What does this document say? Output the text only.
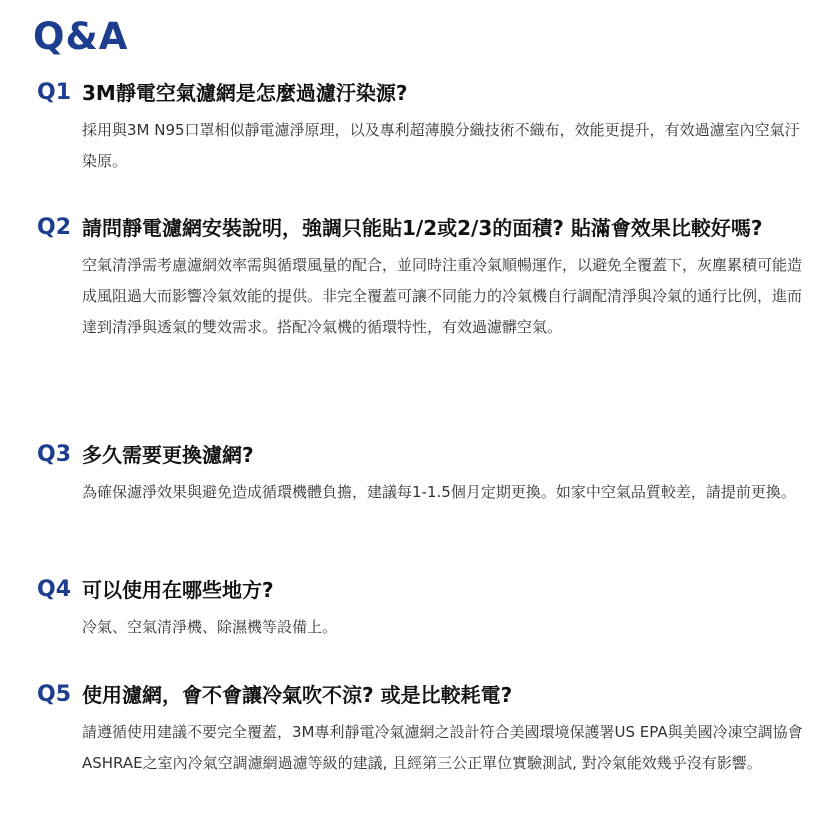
Q&A
Q1 3M靜電空氣濾網是怎麼過濾汙染源?
採用與3M N95口罩相似靜電濾淨原理，以及專利超薄膜分織技術不織布，效能更提升，有效過濾室內空氣汙染原。
Q2 請問靜電濾網安裝說明，強調只能貼1/2或2/3的面積? 貼滿會效果比較好嗎?
空氣清淨需考慮濾網效率需與循環風量的配合，並同時注重冷氣順暢運作，以避免全覆蓋下，灰塵累積可能造成風阻過大而影響冷氣效能的提供。非完全覆蓋可讓不同能力的冷氣機自行調配清淨與冷氣的通行比例，進而達到清淨與透氣的雙效需求。搭配冷氣機的循環特性，有效過濾髒空氣。
Q3 多久需要更換濾網?
為確保濾淨效果與避免造成循環機體負擔，建議每1-1.5個月定期更換。如家中空氣品質較差，請提前更換。
Q4 可以使用在哪些地方?
冷氣、空氣清淨機、除濕機等設備上。
Q5 使用濾網，會不會讓冷氣吹不涼? 或是比較耗電?
請遵循使用建議不要完全覆蓋，3M專利靜電冷氣濾網之設計符合美國環境保護署US EPA與美國冷凍空調協會ASHRAE之室內冷氣空調濾網過濾等級的建議, 且經第三公正單位實驗測試, 對冷氣能效幾乎沒有影響。
